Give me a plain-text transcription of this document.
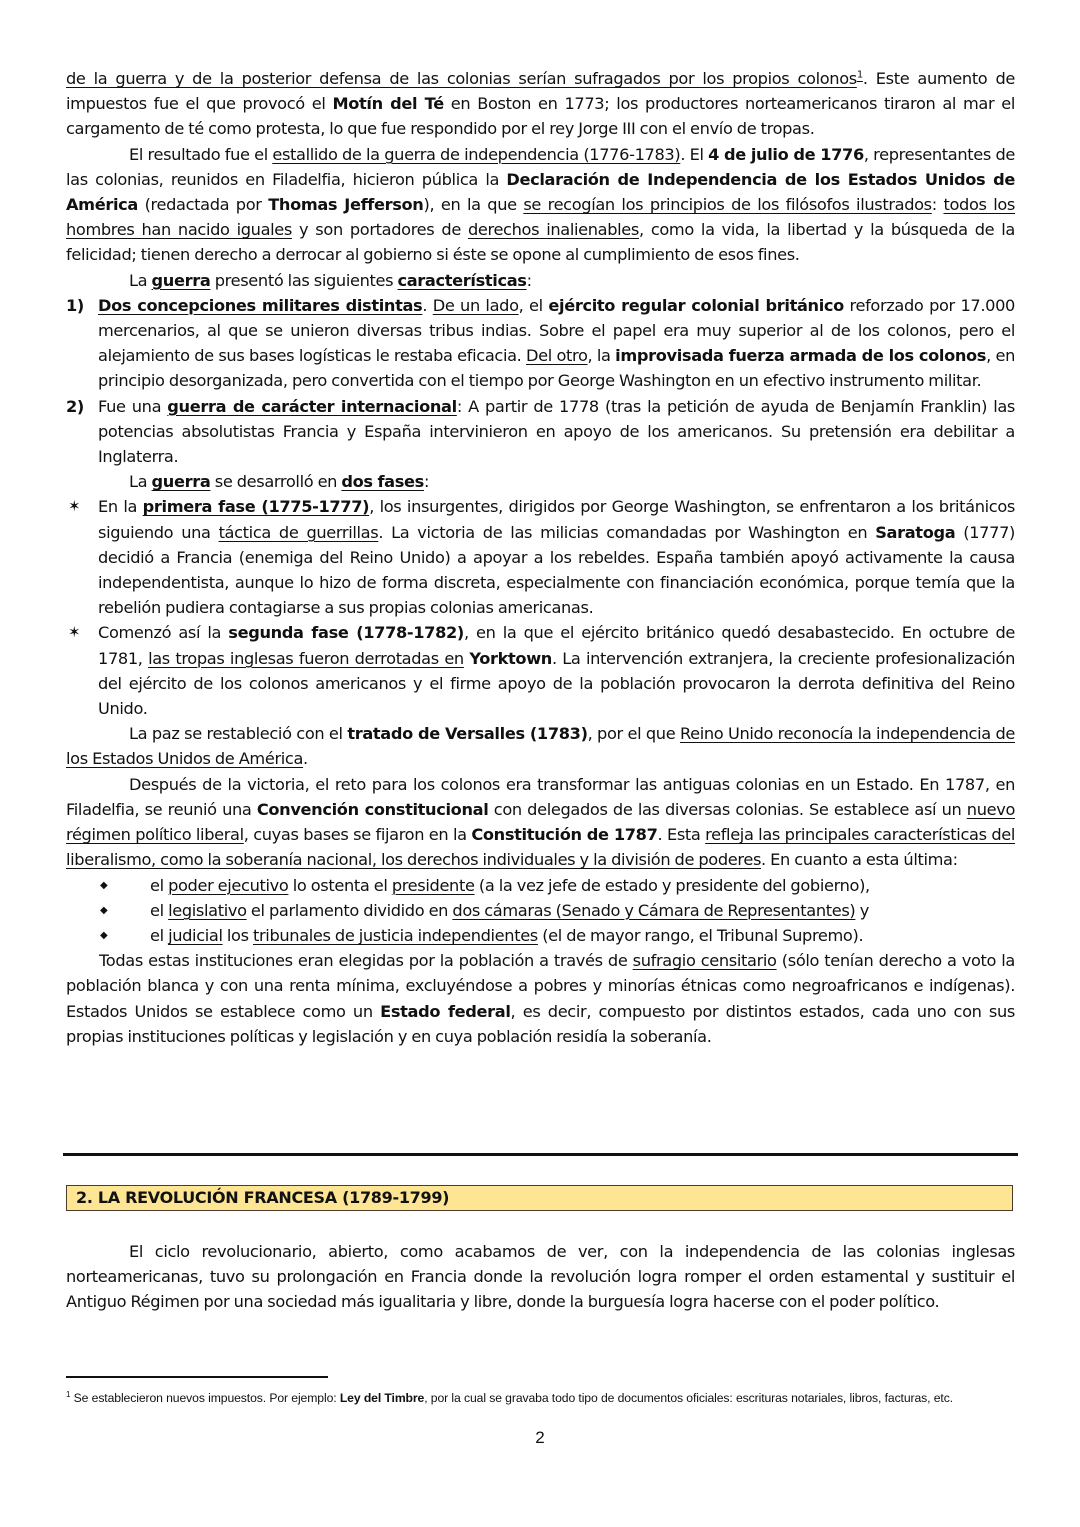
de la guerra y de la posterior defensa de las colonias serían sufragados por los propios colonos$^1$. Este aumento de impuestos fue el que provocó el Motín del Té en Boston en 1773; los productores norteamericanos tiraron al mar el cargamento de té como protesta, lo que fue respondido por el rey Jorge III con el envío de tropas.

El resultado fue el estallido de la guerra de independencia (1776-1783). El 4 de julio de 1776, representantes de las colonias, reunidos en Filadelfia, hicieron pública la Declaración de Independencia de los Estados Unidos de América (redactada por Thomas Jefferson), en la que se recogían los principios de los filósofos ilustrados: todos los hombres han nacido iguales y son portadores de derechos inalienables, como la vida, la libertad y la búsqueda de la felicidad; tienen derecho a derrocar al gobierno si éste se opone al cumplimiento de esos fines.

La guerra presentó las siguientes características:

1) Dos concepciones militares distintas. De un lado, el ejército regular colonial británico reforzado por 17.000 mercenarios, al que se unieron diversas tribus indias. Sobre el papel era muy superior al de los colonos, pero el alejamiento de sus bases logísticas le restaba eficacia. Del otro, la improvisada fuerza armada de los colonos, en principio desorganizada, pero convertida con el tiempo por George Washington en un efectivo instrumento militar.
2) Fue una guerra de carácter internacional: A partir de 1778 (tras la petición de ayuda de Benjamín Franklin) las potencias absolutistas Francia y España intervinieron en apoyo de los americanos. Su pretensión era debilitar a Inglaterra.

La guerra se desarrolló en dos fases:

✶ En la primera fase (1775-1777), los insurgentes, dirigidos por George Washington, se enfrentaron a los británicos siguiendo una táctica de guerrillas. La victoria de las milicias comandadas por Washington en Saratoga (1777) decidió a Francia (enemiga del Reino Unido) a apoyar a los rebeldes. España también apoyó activamente la causa independentista, aunque lo hizo de forma discreta, especialmente con financiación económica, porque temía que la rebelión pudiera contagiarse a sus propias colonias americanas.
✶ Comenzó así la segunda fase (1778-1782), en la que el ejército británico quedó desabastecido. En octubre de 1781, las tropas inglesas fueron derrotadas en Yorktown. La intervención extranjera, la creciente profesionalización del ejército de los colonos americanos y el firme apoyo de la población provocaron la derrota definitiva del Reino Unido.

La paz se restableció con el tratado de Versalles (1783), por el que Reino Unido reconocía la independencia de los Estados Unidos de América.

Después de la victoria, el reto para los colonos era transformar las antiguas colonias en un Estado. En 1787, en Filadelfia, se reunió una Convención constitucional con delegados de las diversas colonias. Se establece así un nuevo régimen político liberal, cuyas bases se fijaron en la Constitución de 1787. Esta refleja las principales características del liberalismo, como la soberanía nacional, los derechos individuales y la división de poderes. En cuanto a esta última:

◆	el poder ejecutivo lo ostenta el presidente (a la vez jefe de estado y presidente del gobierno),
◆	el legislativo el parlamento dividido en dos cámaras (Senado y Cámara de Representantes) y
◆	el judicial los tribunales de justicia independientes (el de mayor rango, el Tribunal Supremo).

Todas estas instituciones eran elegidas por la población a través de sufragio censitario (sólo tenían derecho a voto la población blanca y con una renta mínima, excluyéndose a pobres y minorías étnicas como negroafricanos e indígenas). Estados Unidos se establece como un Estado federal, es decir, compuesto por distintos estados, cada uno con sus propias instituciones políticas y legislación y en cuya población residía la soberanía.

2. LA REVOLUCIÓN FRANCESA (1789-1799)

El ciclo revolucionario, abierto, como acabamos de ver, con la independencia de las colonias inglesas norteamericanas, tuvo su prolongación en Francia donde la revolución logra romper el orden estamental y sustituir el Antiguo Régimen por una sociedad más igualitaria y libre, donde la burguesía logra hacerse con el poder político.

$^1$ Se establecieron nuevos impuestos. Por ejemplo: Ley del Timbre, por la cual se gravaba todo tipo de documentos oficiales: escrituras notariales, libros, facturas, etc.
2
